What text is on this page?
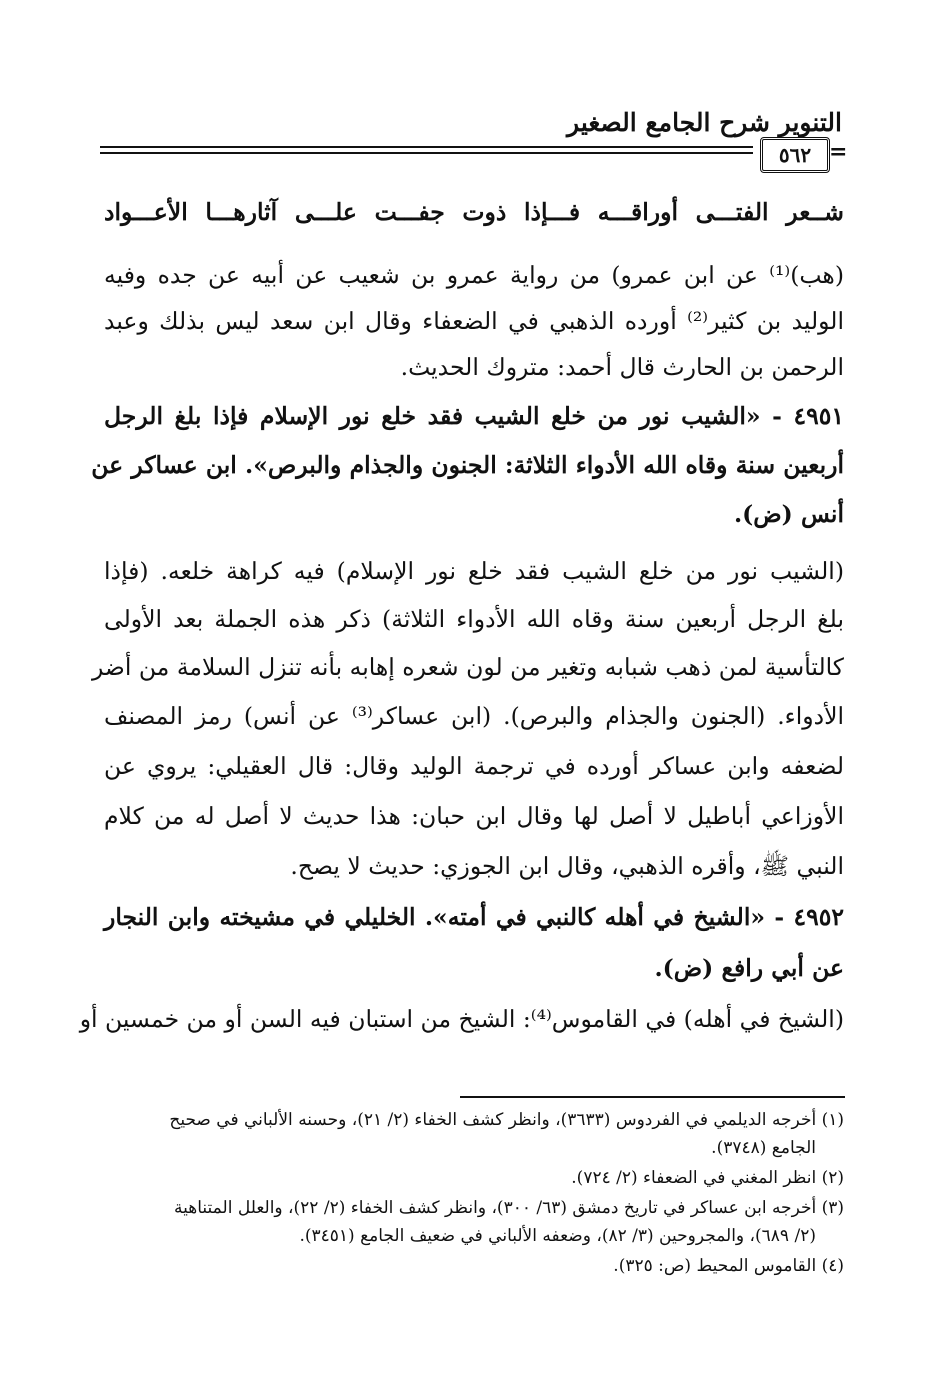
التنوير شرح الجامع الصغير
٥٦٢ =
شــعر الفتـــى أوراقـــه فـــإذا ذوت جفـــت علـــى آثارهـــا الأعـــواد
(هب)⁽¹⁾ عن ابن عمرو) من رواية عمرو بن شعيب عن أبيه عن جده وفيه
الوليد بن كثير⁽²⁾ أورده الذهبي في الضعفاء وقال ابن سعد ليس بذلك وعبد
الرحمن بن الحارث قال أحمد: متروك الحديث.
٤٩٥١ - «الشيب نور من خلع الشيب فقد خلع نور الإسلام فإذا بلغ الرجل
أربعين سنة وقاه الله الأدواء الثلاثة: الجنون والجذام والبرص». ابن عساكر عن
أنس (ض).
(الشيب نور من خلع الشيب فقد خلع نور الإسلام) فيه كراهة خلعه. (فإذا
بلغ الرجل أربعين سنة وقاه الله الأدواء الثلاثة) ذكر هذه الجملة بعد الأولى
كالتأسية لمن ذهب شبابه وتغير من لون شعره إهابه بأنه تنزل السلامة من أضر
الأدواء. (الجنون والجذام والبرص). (ابن عساكر⁽³⁾ عن أنس) رمز المصنف
لضعفه وابن عساكر أورده في ترجمة الوليد وقال: قال العقيلي: يروي عن
الأوزاعي أباطيل لا أصل لها وقال ابن حبان: هذا حديث لا أصل له من كلام
النبي ﷺ، وأقره الذهبي، وقال ابن الجوزي: حديث لا يصح.
٤٩٥٢ - «الشيخ في أهله كالنبي في أمته». الخليلي في مشيخته وابن النجار
عن أبي رافع (ض).
(الشيخ في أهله) في القاموس⁽⁴⁾: الشيخ من استبان فيه السن أو من خمسين أو
(١) أخرجه الديلمي في الفردوس (٣٦٣٣)، وانظر كشف الخفاء (٢/ ٢١)، وحسنه الألباني في صحيح
الجامع (٣٧٤٨).
(٢) انظر المغني في الضعفاء (٢/ ٧٢٤).
(٣) أخرجه ابن عساكر في تاريخ دمشق (٦٣/ ٣٠٠)، وانظر كشف الخفاء (٢/ ٢٢)، والعلل المتناهية
(٢/ ٦٨٩)، والمجروحين (٣/ ٨٢)، وضعفه الألباني في ضعيف الجامع (٣٤٥١).
(٤) القاموس المحيط (ص: ٣٢٥).
